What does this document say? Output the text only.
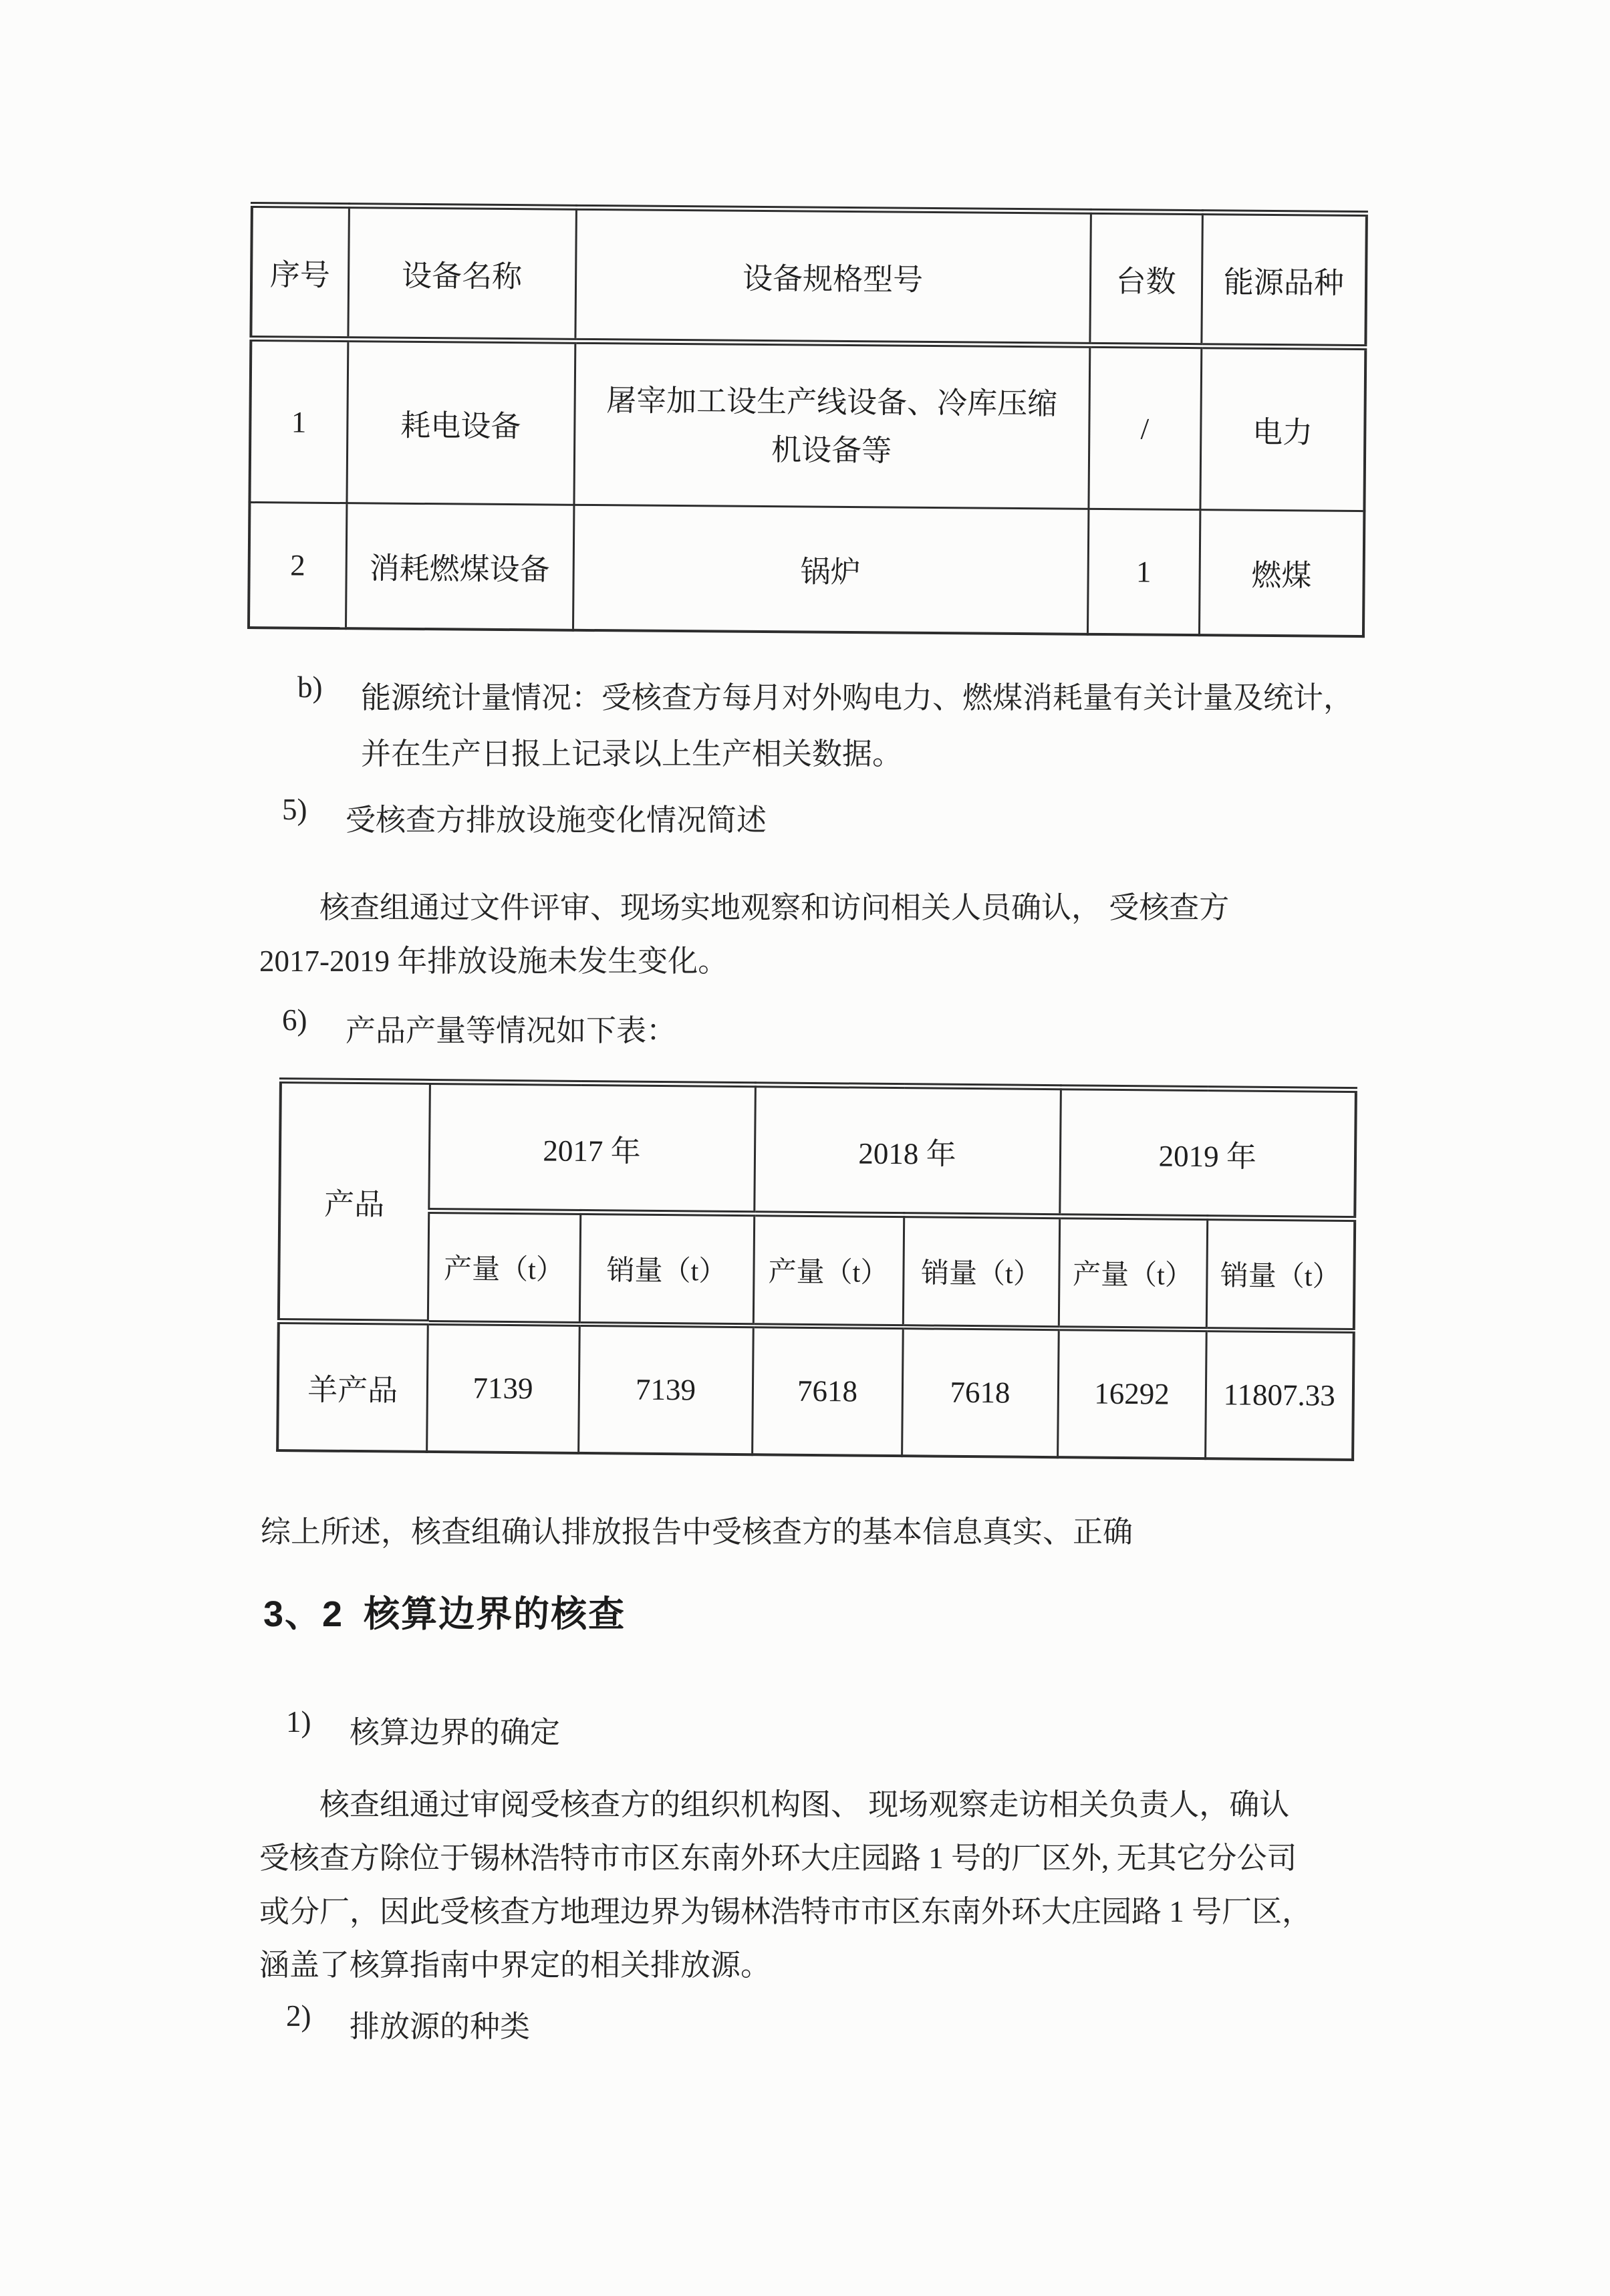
序号	设备名称	设备规格型号	台数	能源品种
1	耗电设备	屠宰加工设生产线设备、冷库压缩
机设备等	/	电力
2	消耗燃煤设备	锅炉	1	燃煤
b)	能源统计量情况：受核查方每月对外购电力、燃煤消耗量有关计量及统计，
并在生产日报上记录以上生产相关数据。
5)	受核查方排放设施变化情况简述
核查组通过文件评审、现场实地观察和访问相关人员确认， 受核查方
2017-2019 年排放设施未发生变化。
6)	产品产量等情况如下表：
产品	2017 年		2018 年		2019 年	
	产量（t）	销量（t）	产量（t）	销量（t）	产量（t）	销量（t）
羊产品	7139	7139	7618	7618	16292	11807.33
综上所述，核查组确认排放报告中受核查方的基本信息真实、正确
3、2 核算边界的核查
1)	核算边界的确定
核查组通过审阅受核查方的组织机构图、 现场观察走访相关负责人，确认
受核查方除位于锡林浩特市市区东南外环大庄园路 1 号的厂区外, 无其它分公司
或分厂，因此受核查方地理边界为锡林浩特市市区东南外环大庄园路 1 号厂区，
涵盖了核算指南中界定的相关排放源。
2)	排放源的种类
